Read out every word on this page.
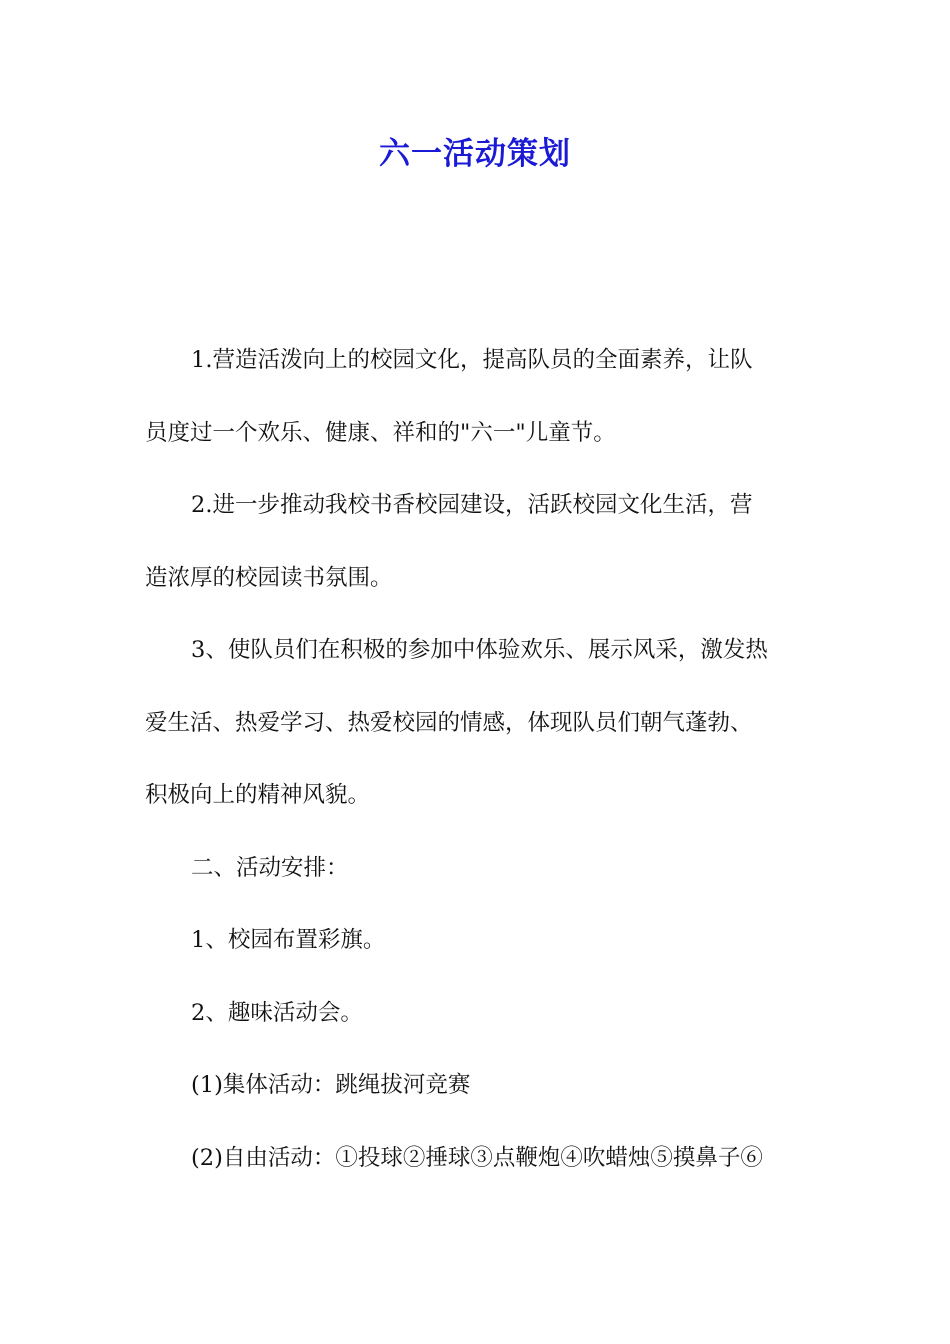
六一活动策划
1.营造活泼向上的校园文化，提高队员的全面素养，让队
员度过一个欢乐、健康、祥和的"六一"儿童节。
2.进一步推动我校书香校园建设，活跃校园文化生活，营
造浓厚的校园读书氛围。
3、使队员们在积极的参加中体验欢乐、展示风采，激发热
爱生活、热爱学习、热爱校园的情感，体现队员们朝气蓬勃、
积极向上的精神风貌。
二、活动安排：
1、校园布置彩旗。
2、趣味活动会。
(1)集体活动：跳绳拔河竞赛
(2)自由活动：①投球②捶球③点鞭炮④吹蜡烛⑤摸鼻子⑥
